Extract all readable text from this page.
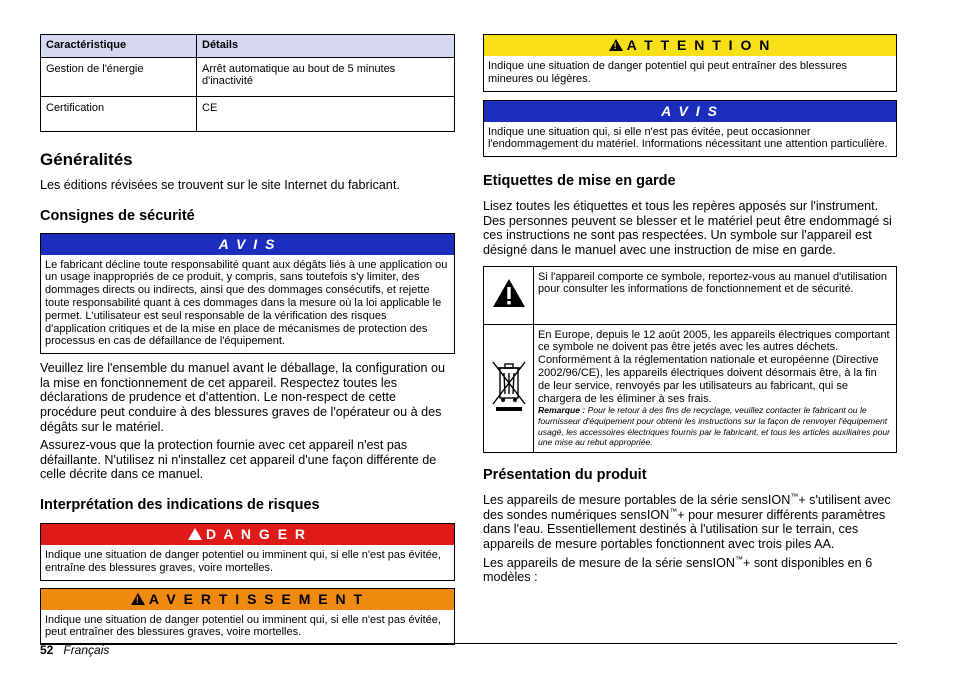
Caractéristique	Détails
Gestion de l'énergie	Arrêt automatique au bout de 5 minutes d'inactivité
Certification	CE
Généralités

Les éditions révisées se trouvent sur le site Internet du fabricant.

Consignes de sécurité
A V I S
Le fabricant décline toute responsabilité quant aux dégâts liés à une application ou un usage inappropriés de ce produit, y compris, sans toutefois s'y limiter, des dommages directs ou indirects, ainsi que des dommages consécutifs, et rejette toute responsabilité quant à ces dommages dans la mesure où la loi applicable le permet. L'utilisateur est seul responsable de la vérification des risques d'application critiques et de la mise en place de mécanismes de protection des processus en cas de défaillance de l'équipement.

Veuillez lire l'ensemble du manuel avant le déballage, la configuration ou la mise en fonctionnement de cet appareil. Respectez toutes les déclarations de prudence et d'attention. Le non-respect de cette procédure peut conduire à des blessures graves de l'opérateur ou à des dégâts sur le matériel.

Assurez-vous que la protection fournie avec cet appareil n'est pas défaillante. N'utilisez ni n'installez cet appareil d'une façon différente de celle décrite dans ce manuel.

Interprétation des indications de risques
! D A N G E R
Indique une situation de danger potentiel ou imminent qui, si elle n'est pas évitée, entraîne des blessures graves, voire mortelles.
! A V E R T I S S E M E N T
Indique une situation de danger potentiel ou imminent qui, si elle n'est pas évitée, peut entraîner des blessures graves, voire mortelles.
! A T T E N T I O N
Indique une situation de danger potentiel qui peut entraîner des blessures mineures ou légères.
A V I S
Indique une situation qui, si elle n'est pas évitée, peut occasionner l'endommagement du matériel. Informations nécessitant une attention particulière.
Etiquettes de mise en garde

Lisez toutes les étiquettes et tous les repères apposés sur l'instrument. Des personnes peuvent se blesser et le matériel peut être endommagé si ces instructions ne sont pas respectées. Un symbole sur l'appareil est désigné dans le manuel avec une instruction de mise en garde.

	Si l'appareil comporte ce symbole, reportez-vous au manuel d'utilisation pour consulter les informations de fonctionnement et de sécurité.

En Europe, depuis le 12 août 2005, les appareils électriques comportant ce symbole ne doivent pas être jetés avec les autres déchets. Conformément à la réglementation nationale et européenne (Directive 2002/96/CE), les appareils électriques doivent désormais être, à la fin de leur service, renvoyés par les utilisateurs au fabricant, qui se chargera de les éliminer à ses frais.
Remarque : Pour le retour à des fins de recyclage, veuillez contacter le fabricant ou le fournisseur d'équipement pour obtenir les instructions sur la façon de renvoyer l'équipement usagé, les accessoires électriques fournis par le fabricant, et tous les articles auxiliaires pour une mise au rebut appropriée.
Présentation du produit

Les appareils de mesure portables de la série sensION™+ s'utilisent avec des sondes numériques sensION™+ pour mesurer différents paramètres dans l'eau. Essentiellement destinés à l'utilisation sur le terrain, ces appareils de mesure portables fonctionnent avec trois piles AA.

Les appareils de mesure de la série sensION™+ sont disponibles en 6 modèles :

52 Français
